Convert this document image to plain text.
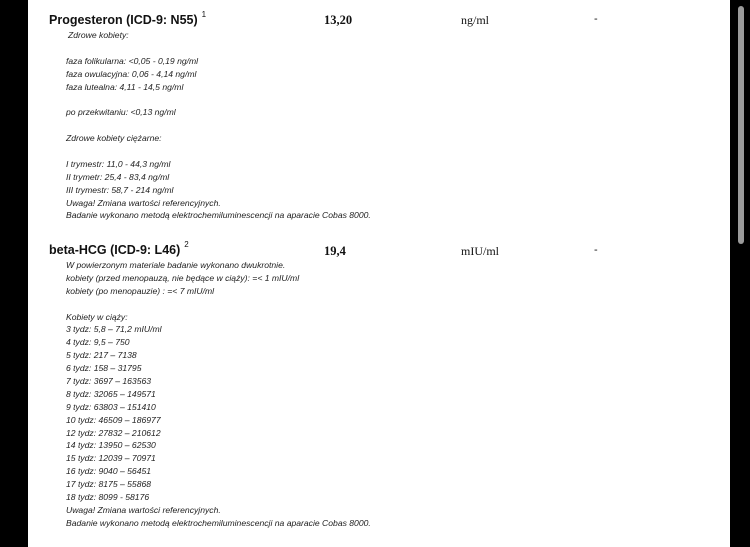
Progesteron (ICD-9: N55) $^1$	13,20	ng/ml	-
Zdrowe kobiety:
faza folikularna: <0,05 - 0,19 ng/ml
faza owulacyjna: 0,06 - 4,14 ng/ml
faza lutealna: 4,11 - 14,5 ng/ml
po przekwitaniu: <0,13 ng/ml
Zdrowe kobiety ciężarne:
I trymestr: 11,0 - 44,3 ng/ml
II trymetr: 25,4 - 83,4 ng/ml
III trymestr: 58,7 - 214 ng/ml
Uwaga! Zmiana wartości referencyjnych.
Badanie wykonano metodą elektrochemiluminescencji na aparacie Cobas 8000.
beta-HCG (ICD-9: L46) $^2$	19,4	mIU/ml	-
W powierzonym materiale badanie wykonano dwukrotnie.
kobiety (przed menopauzą, nie będące w ciąży): =< 1 mIU/ml
kobiety (po menopauzie) : =< 7 mIU/ml
Kobiety w ciąży:
3 tydz: 5,8 – 71,2 mIU/ml
4 tydz: 9,5 – 750
5 tydz: 217 – 7138
6 tydz: 158 – 31795
7 tydz: 3697 – 163563
8 tydz: 32065 – 149571
9 tydz: 63803 – 151410
10 tydz: 46509 – 186977
12 tydz: 27832 – 210612
14 tydz: 13950 – 62530
15 tydz: 12039 – 70971
16 tydz: 9040 – 56451
17 tydz: 8175 – 55868
18 tydz: 8099 - 58176
Uwaga! Zmiana wartości referencyjnych.
Badanie wykonano metodą elektrochemiluminescencji na aparacie Cobas 8000.
